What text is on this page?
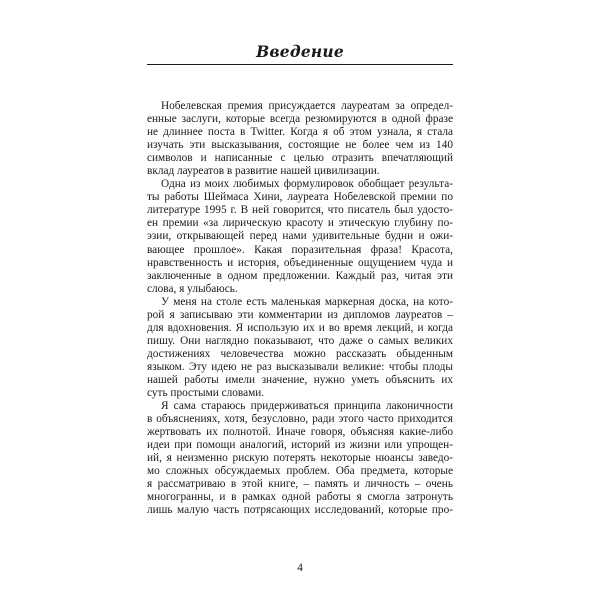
Введение
Нобелевская премия присуждается лауреатам за определ-
енные заслуги, которые всегда резюмируются в одной фразе
не длиннее поста в Twitter. Когда я об этом узнала, я стала
изучать эти высказывания, состоящие не более чем из 140
символов и написанные с целью отразить впечатляющий
вклад лауреатов в развитие нашей цивилизации.
Одна из моих любимых формулировок обобщает результа-
ты работы Шеймаса Хини, лауреата Нобелевской премии по
литературе 1995 г. В ней говорится, что писатель был удосто-
ен премии «за лирическую красоту и этическую глубину по-
эзии, открывающей перед нами удивительные будни и ожи-
вающее прошлое». Какая поразительная фраза! Красота,
нравственность и история, объединенные ощущением чуда и
заключенные в одном предложении. Каждый раз, читая эти
слова, я улыбаюсь.
У меня на столе есть маленькая маркерная доска, на кото-
рой я записываю эти комментарии из дипломов лауреатов –
для вдохновения. Я использую их и во время лекций, и когда
пишу. Они наглядно показывают, что даже о самых великих
достижениях человечества можно рассказать обыденным
языком. Эту идею не раз высказывали великие: чтобы плоды
нашей работы имели значение, нужно уметь объяснить их
суть простыми словами.
Я сама стараюсь придерживаться принципа лаконичности
в объяснениях, хотя, безусловно, ради этого часто приходится
жертвовать их полнотой. Иначе говоря, объясняя какие-либо
идеи при помощи аналогий, историй из жизни или упрощен-
ий, я неизменно рискую потерять некоторые нюансы заведо-
мо сложных обсуждаемых проблем. Оба предмета, которые
я рассматриваю в этой книге, – память и личность – очень
многогранны, и в рамках одной работы я смогла затронуть
лишь малую часть потрясающих исследований, которые про-
4
